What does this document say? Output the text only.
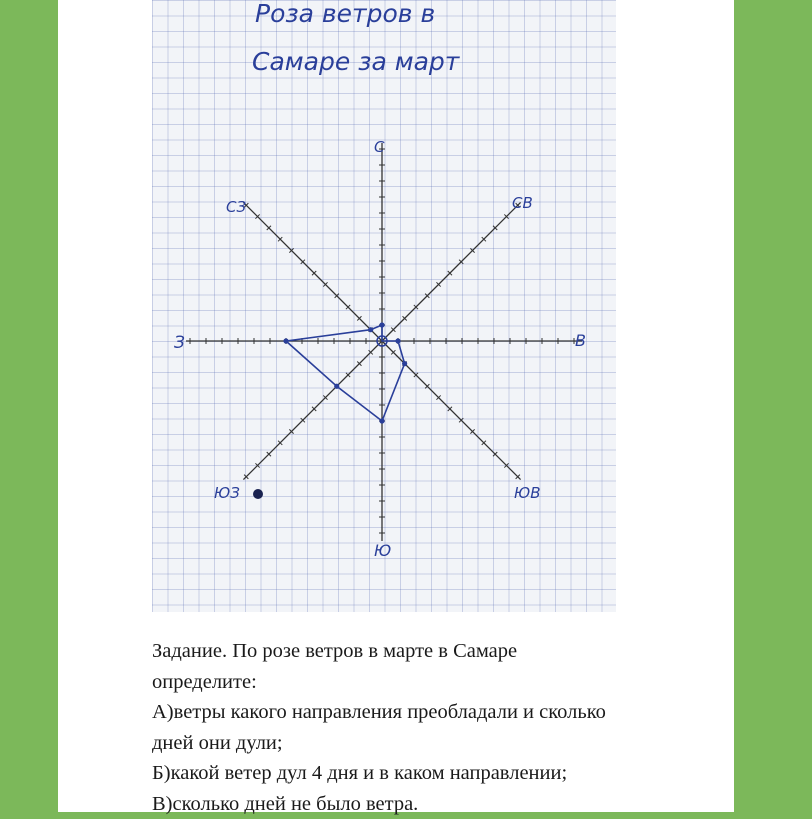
Роза ветров в
Самаре за март
С
СВ
В
ЮВ
Ю
ЮЗ
З
СЗ
Задание. По розе ветров в марте в Самаре
определите:
А)ветры какого направления преобладали и сколько
дней они дули;
Б)какой ветер дул 4 дня и в каком направлении;
В)сколько дней не было ветра.
